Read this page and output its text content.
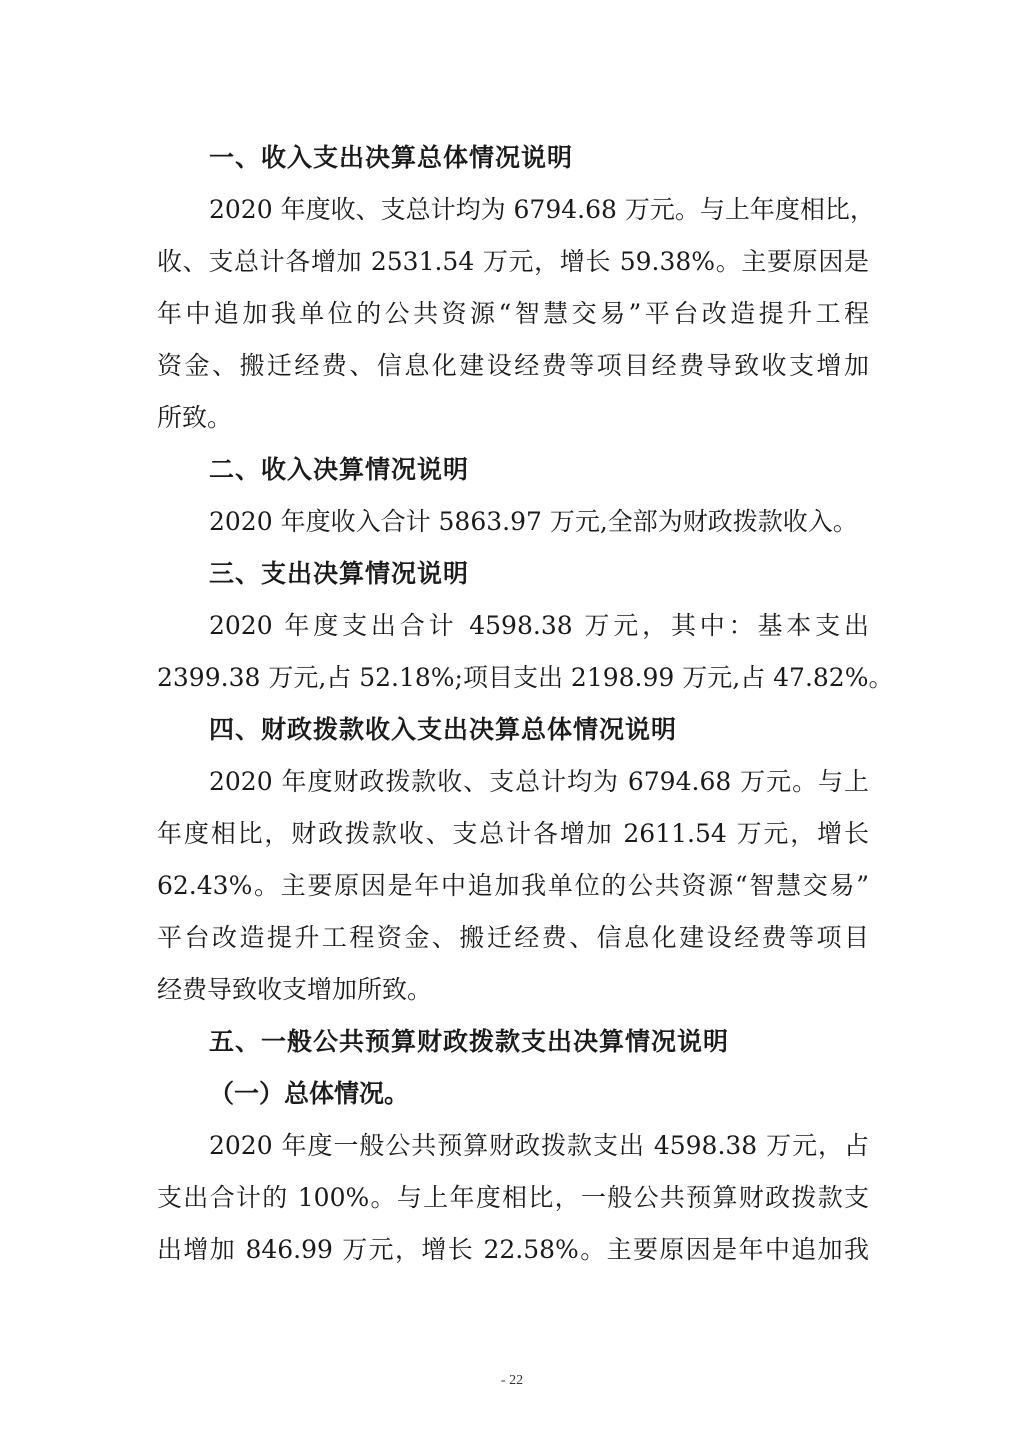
一、收入支出决算总体情况说明
2020 年度收、支总计均为 6794.68 万元。与上年度相比，
收、支总计各增加 2531.54 万元，增长 59.38%。主要原因是
年中追加我单位的公共资源“智慧交易”平台改造提升工程
资金、搬迁经费、信息化建设经费等项目经费导致收支增加
所致。
二、收入决算情况说明
2020 年度收入合计 5863.97 万元,全部为财政拨款收入。
三、支出决算情况说明
2020 年度支出合计 4598.38 万元，其中：基本支出
2399.38 万元,占 52.18%;项目支出 2198.99 万元,占 47.82%。
四、财政拨款收入支出决算总体情况说明
2020 年度财政拨款收、支总计均为 6794.68 万元。与上
年度相比，财政拨款收、支总计各增加 2611.54 万元，增长
62.43%。主要原因是年中追加我单位的公共资源“智慧交易”
平台改造提升工程资金、搬迁经费、信息化建设经费等项目
经费导致收支增加所致。
五、一般公共预算财政拨款支出决算情况说明
（一）总体情况。
2020 年度一般公共预算财政拨款支出 4598.38 万元，占
支出合计的 100%。与上年度相比，一般公共预算财政拨款支
出增加 846.99 万元，增长 22.58%。主要原因是年中追加我
- 22
